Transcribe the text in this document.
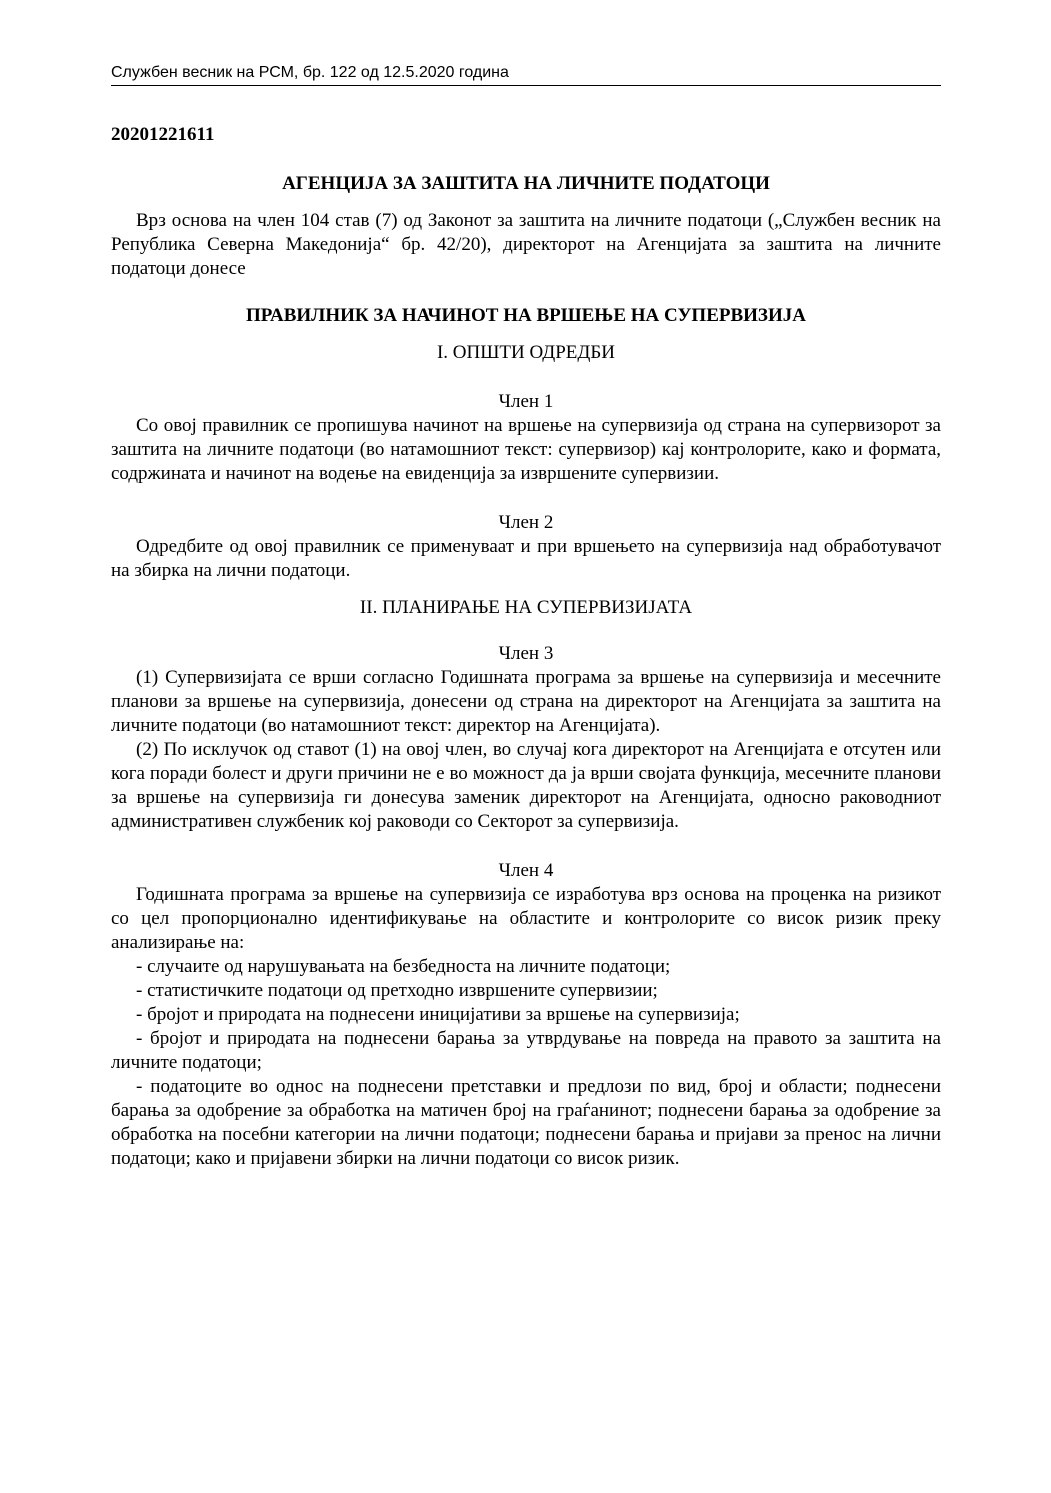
Службен весник на РСМ, бр. 122 од 12.5.2020 година
20201221611
АГЕНЦИЈА ЗА ЗАШТИТА НА ЛИЧНИТЕ ПОДАТОЦИ

Врз основа на член 104 став (7) од Законот за заштита на личните податоци („Службен весник на Република Северна Македонија“ бр. 42/20), директорот на Агенцијата за заштита на личните податоци донесе

ПРАВИЛНИК ЗА НАЧИНОТ НА ВРШЕЊЕ НА СУПЕРВИЗИЈА
I. ОПШТИ ОДРЕДБИ
Член 1

Со овој правилник се пропишува начинот на вршење на супервизија од страна на супервизорот за заштита на личните податоци (во натамошниот текст: супервизор) кај контролорите, како и формата, содржината и начинот на водење на евиденција за извршените супервизии.

Член 2

Одредбите од овој правилник се применуваат и при вршењето на супервизија над обработувачот на збирка на лични податоци.

II. ПЛАНИРАЊЕ НА СУПЕРВИЗИЈАТА
Член 3

(1) Супервизијата се врши согласно Годишната програма за вршење на супервизија и месечните планови за вршење на супервизија, донесени од страна на директорот на Агенцијата за заштита на личните податоци (во натамошниот текст: директор на Агенцијата).

(2) По исклучок од ставот (1) на овој член, во случај кога директорот на Агенцијата е отсутен или кога поради болест и други причини не е во можност да ја врши својата функција, месечните планови за вршење на супервизија ги донесува заменик директорот на Агенцијата, односно раководниот административен службеник кој раководи со Секторот за супервизија.

Член 4

Годишната програма за вршење на супервизија се изработува врз основа на проценка на ризикот со цел пропорционално идентификување на областите и контролорите со висок ризик преку анализирање на:

- случаите од нарушувањата на безбедноста на личните податоци;

- статистичките податоци од претходно извршените супервизии;

- бројот и природата на поднесени иницијативи за вршење на супервизија;

- бројот и природата на поднесени барања за утврдување на повреда на правото за заштита на личните податоци;

- податоците во однос на поднесени претставки и предлози по вид, број и области; поднесени барања за одобрение за обработка на матичен број на граѓанинот; поднесени барања за одобрение за обработка на посебни категории на лични податоци; поднесени барања и пријави за пренос на лични податоци; како и пријавени збирки на лични податоци со висок ризик.
